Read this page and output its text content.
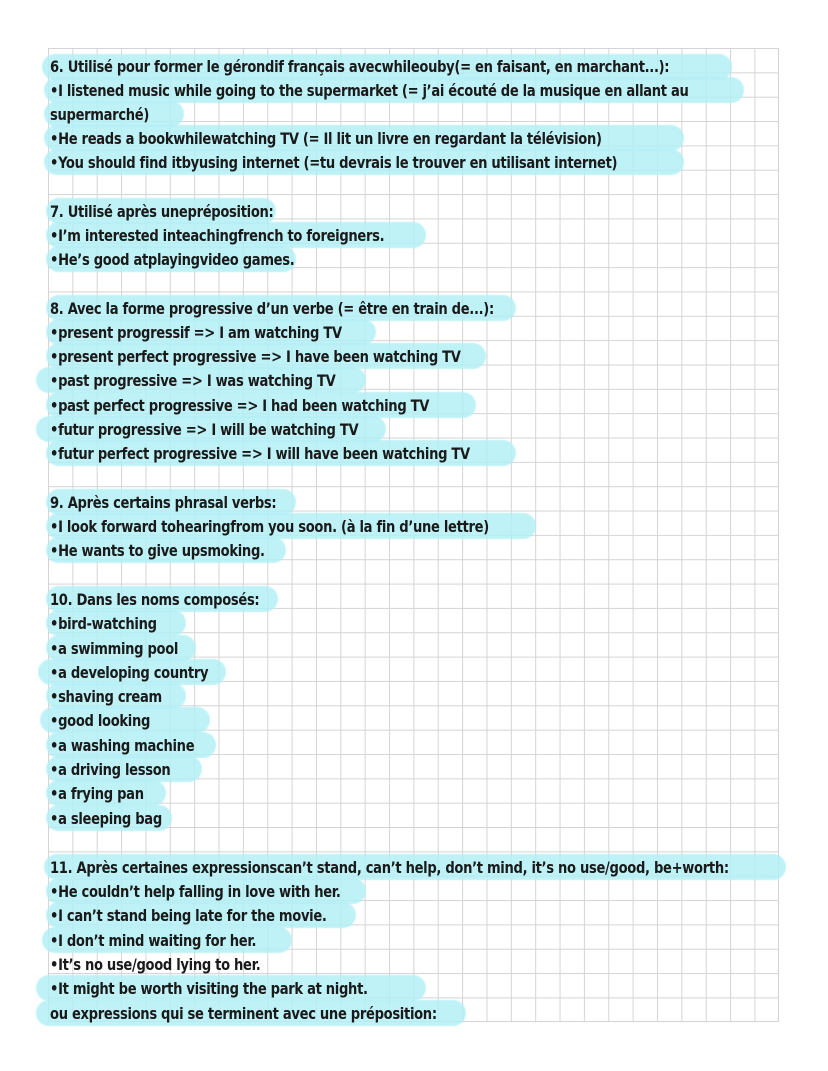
6. Utilisé pour former le gérondif français avecwhileouby(= en faisant, en marchant...):
•I listened music while going to the supermarket (= j’ai écouté de la musique en allant au
supermarché)
•He reads a bookwhilewatching TV (= Il lit un livre en regardant la télévision)
•You should find itbyusing internet (=tu devrais le trouver en utilisant internet)
7. Utilisé après unepréposition:
•I’m interested inteachingfrench to foreigners.
•He’s good atplayingvideo games.
8. Avec la forme progressive d’un verbe (= être en train de...):
•present progressif => I am watching TV
•present perfect progressive => I have been watching TV
•past progressive => I was watching TV
•past perfect progressive => I had been watching TV
•futur progressive => I will be watching TV
•futur perfect progressive => I will have been watching TV
9. Après certains phrasal verbs:
•I look forward tohearingfrom you soon. (à la fin d’une lettre)
•He wants to give upsmoking.
10. Dans les noms composés:
•bird-watching
•a swimming pool
•a developing country
•shaving cream
•good looking
•a washing machine
•a driving lesson
•a frying pan
•a sleeping bag
11. Après certaines expressionscan’t stand, can’t help, don’t mind, it’s no use/good, be+worth:
•He couldn’t help falling in love with her.
•I can’t stand being late for the movie.
•I don’t mind waiting for her.
•It’s no use/good lying to her.
•It might be worth visiting the park at night.
ou expressions qui se terminent avec une préposition:
